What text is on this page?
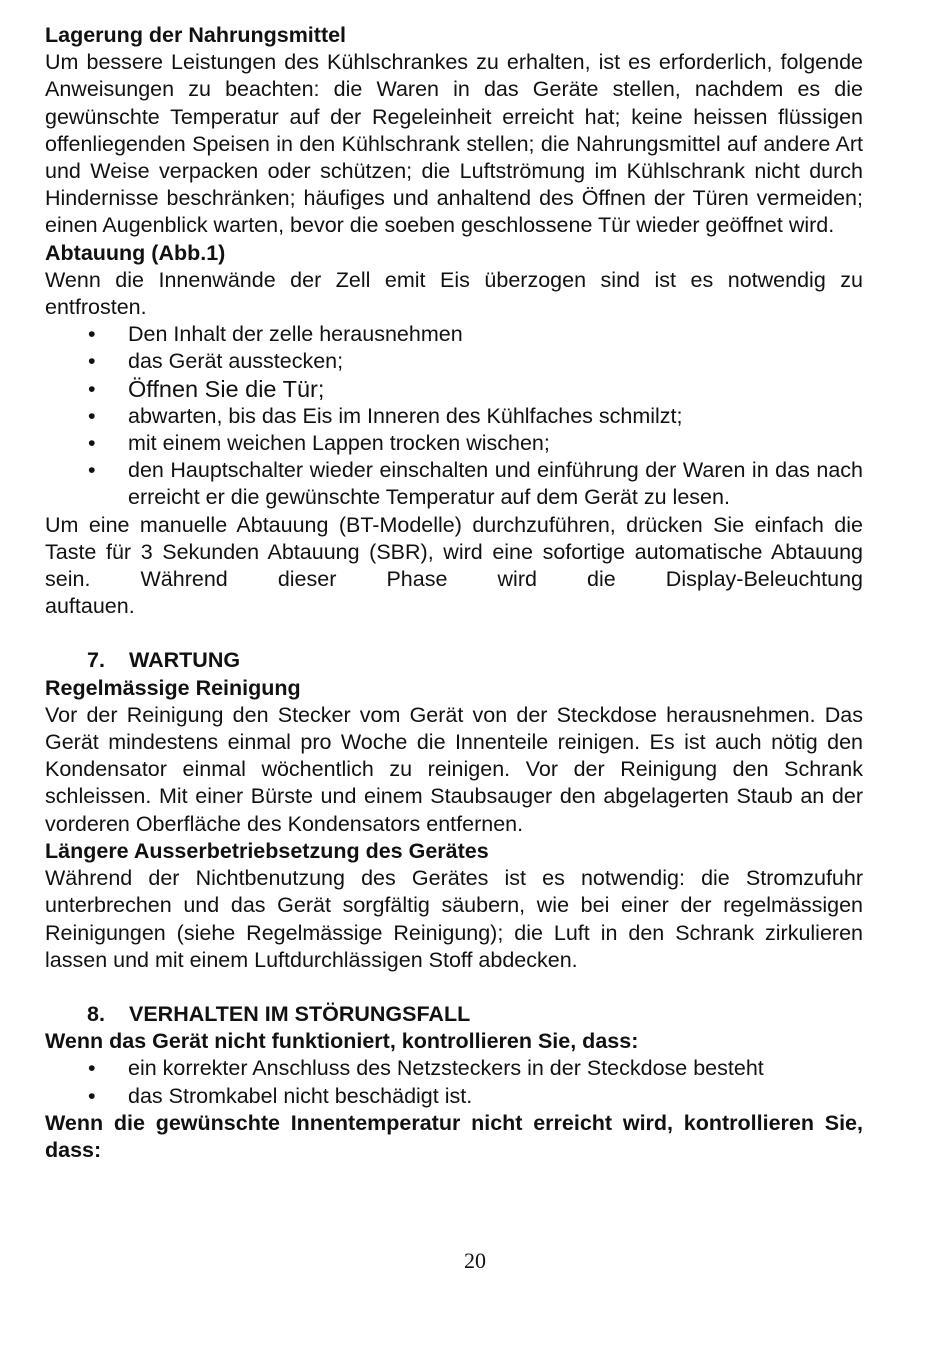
Lagerung der Nahrungsmittel

Um bessere Leistungen des Kühlschrankes zu erhalten, ist es erforderlich, folgende Anweisungen zu beachten: die Waren in das Geräte stellen, nachdem es die gewünschte Temperatur auf der Regeleinheit erreicht hat; keine heissen flüssigen offenliegenden Speisen in den Kühlschrank stellen; die Nahrungsmittel auf andere Art und Weise verpacken oder schützen; die Luftströmung im Kühlschrank nicht durch Hindernisse beschränken; häufiges und anhaltend des Öffnen der Türen vermeiden; einen Augenblick warten, bevor die soeben geschlossene Tür wieder geöffnet wird.

Abtauung (Abb.1)

Wenn die Innenwände der Zell emit Eis überzogen sind ist es notwendig zu entfrosten.

• Den Inhalt der zelle herausnehmen
• das Gerät ausstecken;
• Öffnen Sie die Tür;
• abwarten, bis das Eis im Inneren des Kühlfaches schmilzt;
• mit einem weichen Lappen trocken wischen;
• den Hauptschalter wieder einschalten und einführung der Waren in das nach erreicht er die gewünschte Temperatur auf dem Gerät zu lesen.

Um eine manuelle Abtauung (BT-Modelle) durchzuführen, drücken Sie einfach die Taste für 3 Sekunden Abtauung (SBR), wird eine sofortige automatische Abtauung sein. Während dieser Phase wird die Display-Beleuchtung

auftauen.

7. WARTUNG

Regelmässige Reinigung

Vor der Reinigung den Stecker vom Gerät von der Steckdose herausnehmen. Das Gerät mindestens einmal pro Woche die Innenteile reinigen. Es ist auch nötig den Kondensator einmal wöchentlich zu reinigen. Vor der Reinigung den Schrank schleissen. Mit einer Bürste und einem Staubsauger den abgelagerten Staub an der vorderen Oberfläche des Kondensators entfernen.

Längere Ausserbetriebsetzung des Gerätes

Während der Nichtbenutzung des Gerätes ist es notwendig: die Stromzufuhr unterbrechen und das Gerät sorgfältig säubern, wie bei einer der regelmässigen Reinigungen (siehe Regelmässige Reinigung); die Luft in den Schrank zirkulieren lassen und mit einem Luftdurchlässigen Stoff abdecken.

8. VERHALTEN IM STÖRUNGSFALL

Wenn das Gerät nicht funktioniert, kontrollieren Sie, dass:

• ein korrekter Anschluss des Netzsteckers in der Steckdose besteht
• das Stromkabel nicht beschädigt ist.

Wenn die gewünschte Innentemperatur nicht erreicht wird, kontrollieren Sie, dass:

20
